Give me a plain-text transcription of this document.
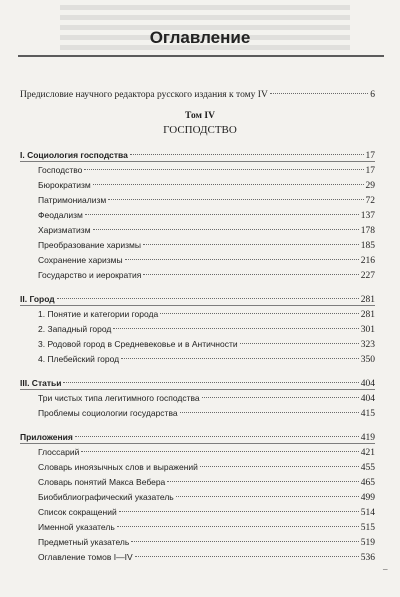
Оглавление
Предисловие научного редактора русского издания к тому IV	6
Том IV
ГОСПОДСТВО
I. Социология господства	17
Господство	17
Бюрократизм	29
Патримониализм	72
Феодализм	137
Харизматизм	178
Преобразование харизмы	185
Сохранение харизмы	216
Государство и иерократия	227
II. Город	281
1. Понятие и категории города	281
2. Западный город	301
3. Родовой город в Средневековье и в Античности	323
4. Плебейский город	350
III. Статьи	404
Три чистых типа легитимного господства	404
Проблемы социологии государства	415
Приложения	419
Глоссарий	421
Словарь иноязычных слов и выражений	455
Словарь понятий Макса Вебера	465
Биобиблиографический указатель	499
Список сокращений	514
Именной указатель	515
Предметный указатель	519
Оглавление томов I—IV	536
–
